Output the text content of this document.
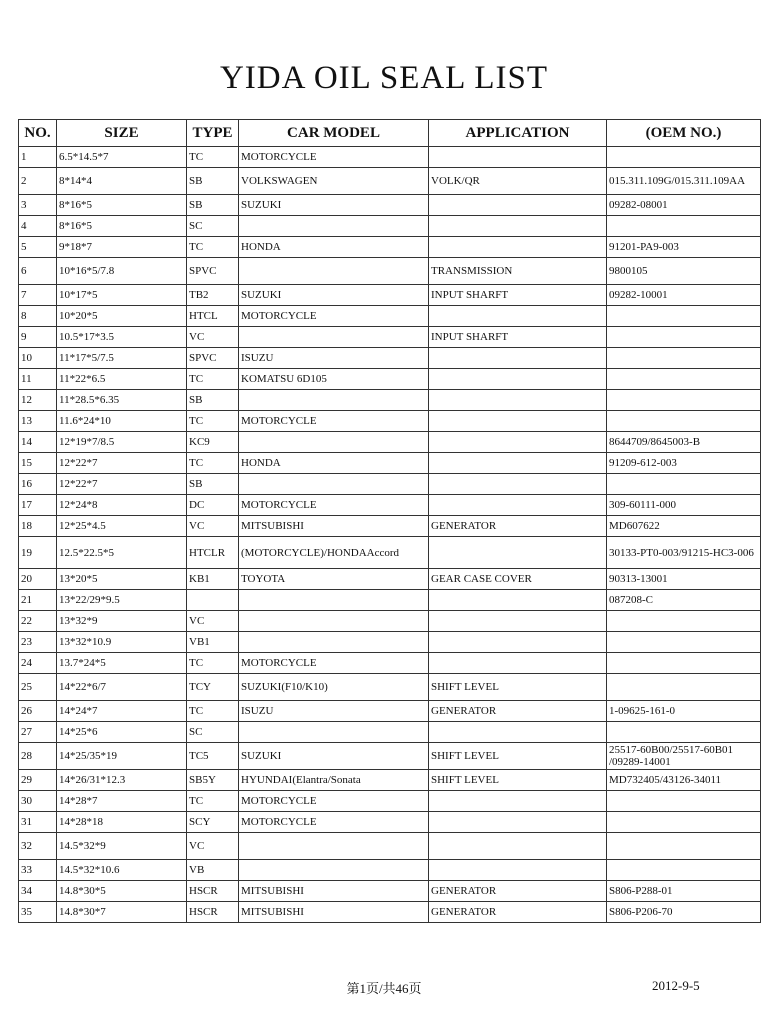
YIDA OIL SEAL LIST
NO.	SIZE	TYPE	CAR MODEL	APPLICATION	(OEM NO.)
1	6.5*14.5*7	TC	MOTORCYCLE		
2	8*14*4	SB	VOLKSWAGEN	VOLK/QR	015.311.109G/015.311.109AA
3	8*16*5	SB	SUZUKI		09282-08001
4	8*16*5	SC			
5	9*18*7	TC	HONDA		91201-PA9-003
6	10*16*5/7.8	SPVC		TRANSMISSION	9800105
7	10*17*5	TB2	SUZUKI	INPUT SHARFT	09282-10001
8	10*20*5	HTCL	MOTORCYCLE		
9	10.5*17*3.5	VC		INPUT SHARFT	
10	11*17*5/7.5	SPVC	ISUZU		
11	11*22*6.5	TC	KOMATSU 6D105		
12	11*28.5*6.35	SB			
13	11.6*24*10	TC	MOTORCYCLE		
14	12*19*7/8.5	KC9			8644709/8645003-B
15	12*22*7	TC	HONDA		91209-612-003
16	12*22*7	SB			
17	12*24*8	DC	MOTORCYCLE		309-60111-000
18	12*25*4.5	VC	MITSUBISHI	GENERATOR	MD607622
19	12.5*22.5*5	HTCLR	(MOTORCYCLE)/HONDAAccord		30133-PT0-003/91215-HC3-006
20	13*20*5	KB1	TOYOTA	GEAR CASE COVER	90313-13001
21	13*22/29*9.5				087208-C
22	13*32*9	VC			
23	13*32*10.9	VB1			
24	13.7*24*5	TC	MOTORCYCLE		
25	14*22*6/7	TCY	SUZUKI(F10/K10)	SHIFT LEVEL	
26	14*24*7	TC	ISUZU	GENERATOR	1-09625-161-0
27	14*25*6	SC			
28	14*25/35*19	TC5	SUZUKI	SHIFT LEVEL	25517-60B00/25517-60B01 /09289-14001
29	14*26/31*12.3	SB5Y	HYUNDAI(Elantra/Sonata	SHIFT LEVEL	MD732405/43126-34011
30	14*28*7	TC	MOTORCYCLE		
31	14*28*18	SCY	MOTORCYCLE		
32	14.5*32*9	VC			
33	14.5*32*10.6	VB			
34	14.8*30*5	HSCR	MITSUBISHI	GENERATOR	S806-P288-01
35	14.8*30*7	HSCR	MITSUBISHI	GENERATOR	S806-P206-70
第1页/共46页	2012-9-5
